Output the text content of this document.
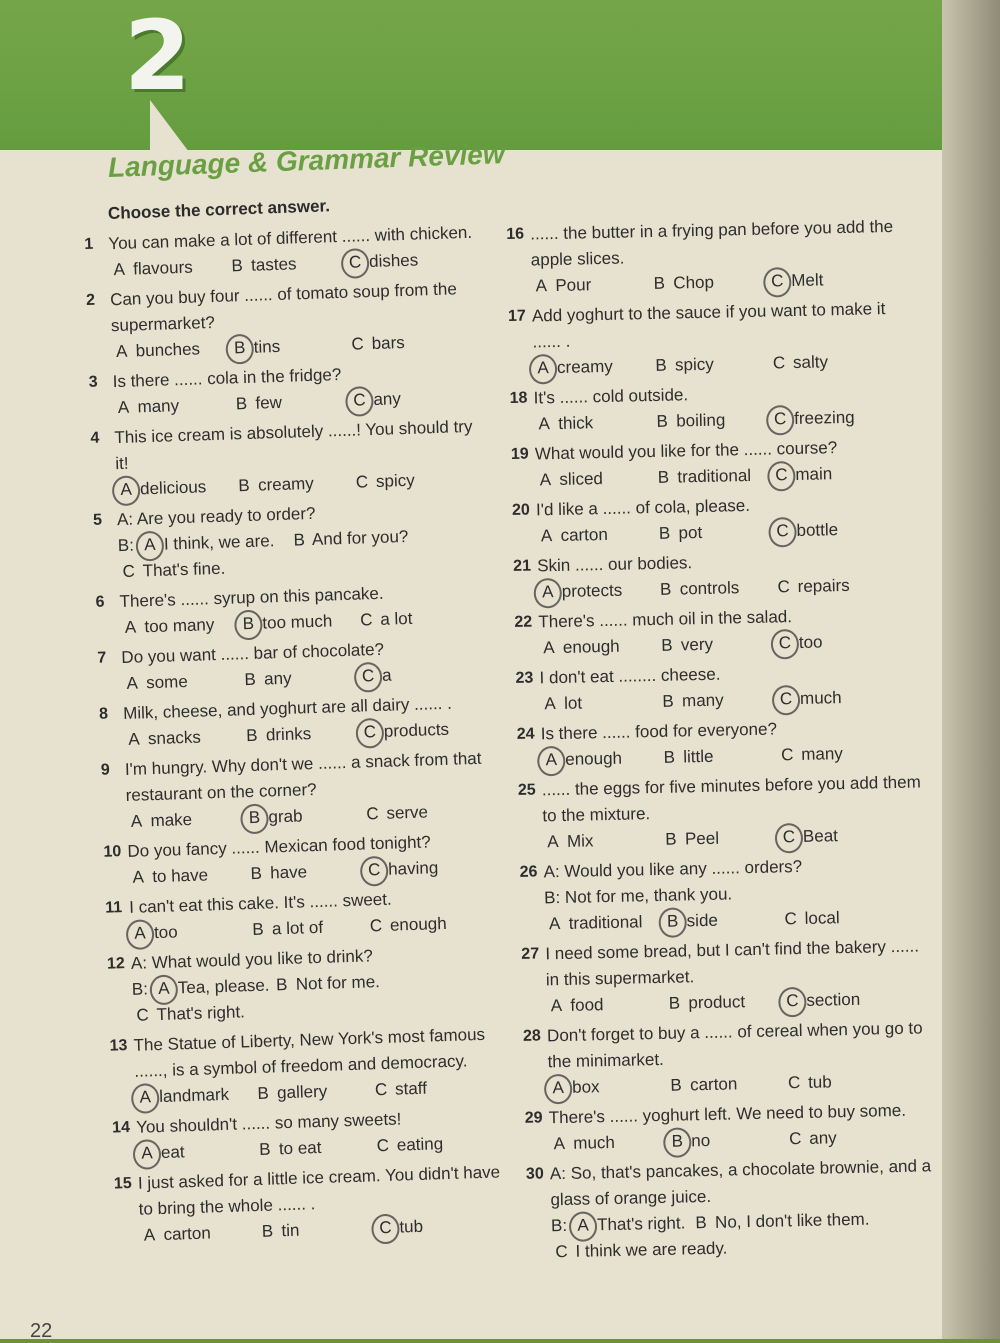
2
Language & Grammar Review
Choose the correct answer.
1 You can make a lot of different ...... with chicken.
A flavours B tastes	C dishes
2 Can you buy four ...... of tomato soup from the supermarket?
A bunches B tins	C bars
3 Is there ...... cola in the fridge?
A many	B few	C any
4 This ice cream is absolutely ......! You should try it!
A delicious B creamy C spicy
5 A: Are you ready to order?
B: A I think, we are. B And for you?
C That's fine.
6 There's ...... syrup on this pancake.
A too many B too much C a lot
7 Do you want ...... bar of chocolate?
A some	B any	C a
8 Milk, cheese, and yoghurt are all dairy ...... .
A snacks	B drinks	C products
9 I'm hungry. Why don't we ...... a snack from that restaurant on the corner?
A make	B grab	C serve
10 Do you fancy ...... Mexican food tonight?
A to have B have	C having
11 I can't eat this cake. It's ...... sweet.
A too	B a lot of	C enough
12 A: What would you like to drink?
B: A Tea, please. B Not for me.
C That's right.
13 The Statue of Liberty, New York's most famous ......, is a symbol of freedom and democracy.
A landmark B gallery	C staff
14 You shouldn't ...... so many sweets!
A eat	B to eat	C eating
15 I just asked for a little ice cream. You didn't have to bring the whole ...... .
A carton	B tin	C tub
16 ...... the butter in a frying pan before you add the apple slices.
A Pour	B Chop	C Melt
17 Add yoghurt to the sauce if you want to make it ...... .
A creamy B spicy	C salty
18 It's ...... cold outside.
A thick	B boiling	C freezing
19 What would you like for the ...... course?
A sliced	B traditional C main
20 I'd like a ...... of cola, please.
A carton	B pot	C bottle
21 Skin ...... our bodies.
A protects B controls C repairs
22 There's ...... much oil in the salad.
A enough B very	C too
23 I don't eat ........ cheese.
A lot	B many	C much
24 Is there ...... food for everyone?
A enough B little	C many
25 ...... the eggs for five minutes before you add them to the mixture.
A Mix	B Peel	C Beat
26 A: Would you like any ...... orders?
B: Not for me, thank you.
A traditional B side	C local
27 I need some bread, but I can't find the bakery ...... in this supermarket.
A food	B product C section
28 Don't forget to buy a ...... of cereal when you go to the minimarket.
A box	B carton	C tub
29 There's ...... yoghurt left. We need to buy some.
A much	B no	C any
30 A: So, that's pancakes, a chocolate brownie, and a glass of orange juice.
B: A That's right. B No, I don't like them.
C I think we are ready.
22
